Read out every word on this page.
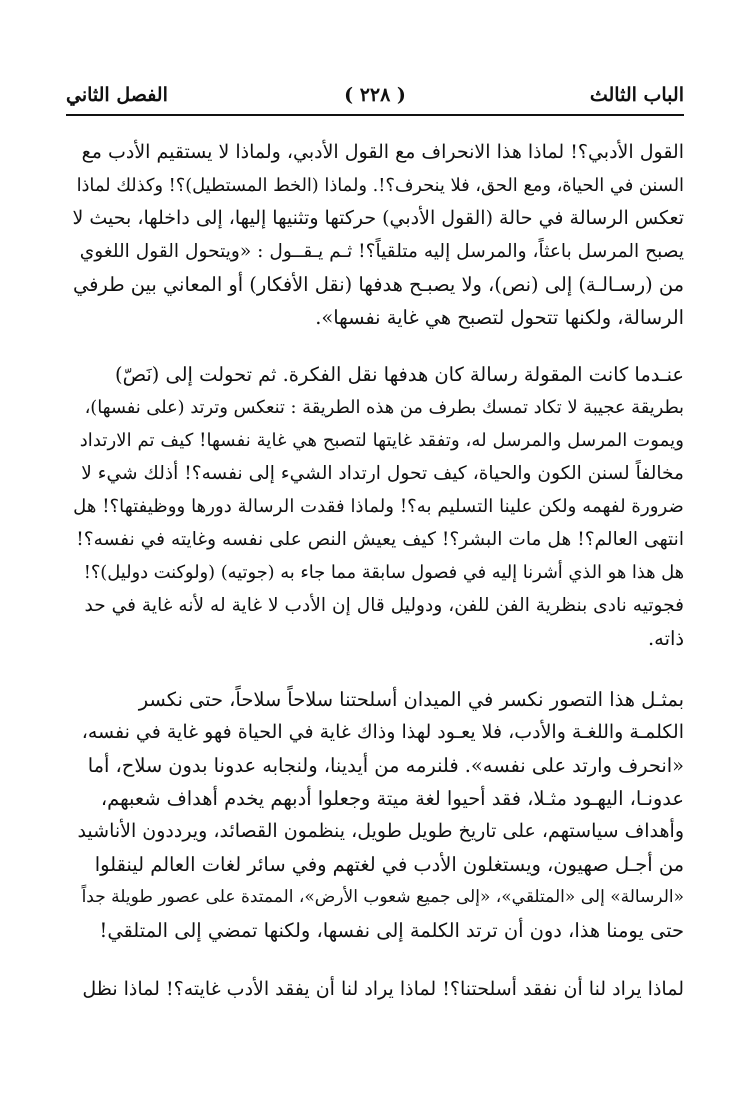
الباب الثالث
( ٢٢٨ )
الفصل الثاني
القول الأدبي؟! لماذا هذا الانحراف مع القول الأدبي، ولماذا لا يستقيم الأدب مع
السنن في الحياة، ومع الحق، فلا ينحرف؟!. ولماذا (الخط المستطيل)؟! وكذلك لماذا
تعكس الرسالة في حالة (القول الأدبي) حركتها وتثنيها إليها، إلى داخلها، بحيث لا
يصبح المرسل باعثاً، والمرسل إليه متلقياً؟! ثـم يـقــول : «ويتحول القول اللغوي
من (رسـالـة) إلى (نص)، ولا يصبـح هدفها (نقل الأفكار) أو المعاني بين طرفي
الرسالة، ولكنها تتحول لتصبح هي غاية نفسها».
عنـدما كانت المقولة رسالة كان هدفها نقل الفكرة. ثم تحولت إلى (نَصّ)
بطريقة عجيبة لا تكاد تمسك بطرف من هذه الطريقة : تنعكس وترتد (على نفسها)،
ويموت المرسل والمرسل له، وتفقد غايتها لتصبح هي غاية نفسها! كيف تم الارتداد
مخالفاً لسنن الكون والحياة، كيف تحول ارتداد الشيء إلى نفسه؟! أذلك شيء لا
ضرورة لفهمه ولكن علينا التسليم به؟! ولماذا فقدت الرسالة دورها ووظيفتها؟! هل
انتهى العالم؟! هل مات البشر؟! كيف يعيش النص على نفسه وغايته في نفسه؟!
هل هذا هو الذي أشرنا إليه في فصول سابقة مما جاء به (جوتيه) (ولوكنت دوليل)؟!
فجوتيه نادى بنظرية الفن للفن، ودوليل قال إن الأدب لا غاية له لأنه غاية في حد
ذاته.
بمثـل هذا التصور نكسر في الميدان أسلحتنا سلاحاً سلاحاً، حتى نكسر
الكلمـة واللغـة والأدب، فلا يعـود لهذا وذاك غاية في الحياة فهو غاية في نفسه،
«انحرف وارتد على نفسه». فلنرمه من أيدينا، ولنجابه عدونا بدون سلاح، أما
عدونـا، اليهـود مثـلا، فقد أحيوا لغة ميتة وجعلوا أدبهم يخدم أهداف شعبهم،
وأهداف سياستهم، على تاريخ طويل طويل، ينظمون القصائد، ويرددون الأناشيد
من أجـل صهيون، ويستغلون الأدب في لغتهم وفي سائر لغات العالم لينقلوا
«الرسالة» إلى «المتلقي»، «إلى جميع شعوب الأرض»، الممتدة على عصور طويلة جداً
حتى يومنا هذا، دون أن ترتد الكلمة إلى نفسها، ولكنها تمضي إلى المتلقي!
لماذا يراد لنا أن نفقد أسلحتنا؟! لماذا يراد لنا أن يفقد الأدب غايته؟! لماذا نظل
